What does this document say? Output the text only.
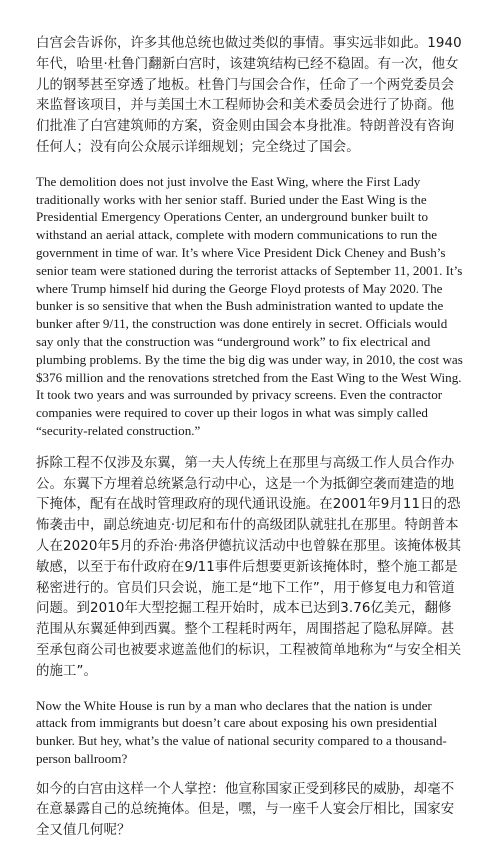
白宫会告诉你，许多其他总统也做过类似的事情。事实远非如此。1940年代，哈里·杜鲁门翻新白宫时，该建筑结构已经不稳固。有一次，他女儿的钢琴甚至穿透了地板。杜鲁门与国会合作，任命了一个两党委员会来监督该项目，并与美国土木工程师协会和美术委员会进行了协商。他们批准了白宫建筑师的方案，资金则由国会本身批准。特朗普没有咨询任何人；没有向公众展示详细规划；完全绕过了国会。

The demolition does not just involve the East Wing, where the First Lady traditionally works with her senior staff. Buried under the East Wing is the Presidential Emergency Operations Center, an underground bunker built to withstand an aerial attack, complete with modern communications to run the government in time of war. It’s where Vice President Dick Cheney and Bush’s senior team were stationed during the terrorist attacks of September 11, 2001. It’s where Trump himself hid during the George Floyd protests of May 2020. The bunker is so sensitive that when the Bush administration wanted to update the bunker after 9/11, the construction was done entirely in secret. Officials would say only that the construction was “underground work” to fix electrical and plumbing problems. By the time the big dig was under way, in 2010, the cost was $376 million and the renovations stretched from the East Wing to the West Wing. It took two years and was surrounded by privacy screens. Even the contractor companies were required to cover up their logos in what was simply called “security-related construction.”

拆除工程不仅涉及东翼，第一夫人传统上在那里与高级工作人员合作办公。东翼下方埋着总统紧急行动中心，这是一个为抵御空袭而建造的地下掩体，配有在战时管理政府的现代通讯设施。在2001年9月11日的恐怖袭击中，副总统迪克·切尼和布什的高级团队就驻扎在那里。特朗普本人在2020年5月的乔治·弗洛伊德抗议活动中也曾躲在那里。该掩体极其敏感，以至于布什政府在9/11事件后想要更新该掩体时，整个施工都是秘密进行的。官员们只会说，施工是“地下工作”，用于修复电力和管道问题。到2010年大型挖掘工程开始时，成本已达到3.76亿美元，翻修范围从东翼延伸到西翼。整个工程耗时两年，周围搭起了隐私屏障。甚至承包商公司也被要求遮盖他们的标识，工程被简单地称为“与安全相关的施工”。

Now the White House is run by a man who declares that the nation is under attack from immigrants but doesn’t care about exposing his own presidential bunker. But hey, what’s the value of national security compared to a thousand-person ballroom?

如今的白宫由这样一个人掌控：他宣称国家正受到移民的威胁，却毫不在意暴露自己的总统掩体。但是，嘿，与一座千人宴会厅相比，国家安全又值几何呢？
